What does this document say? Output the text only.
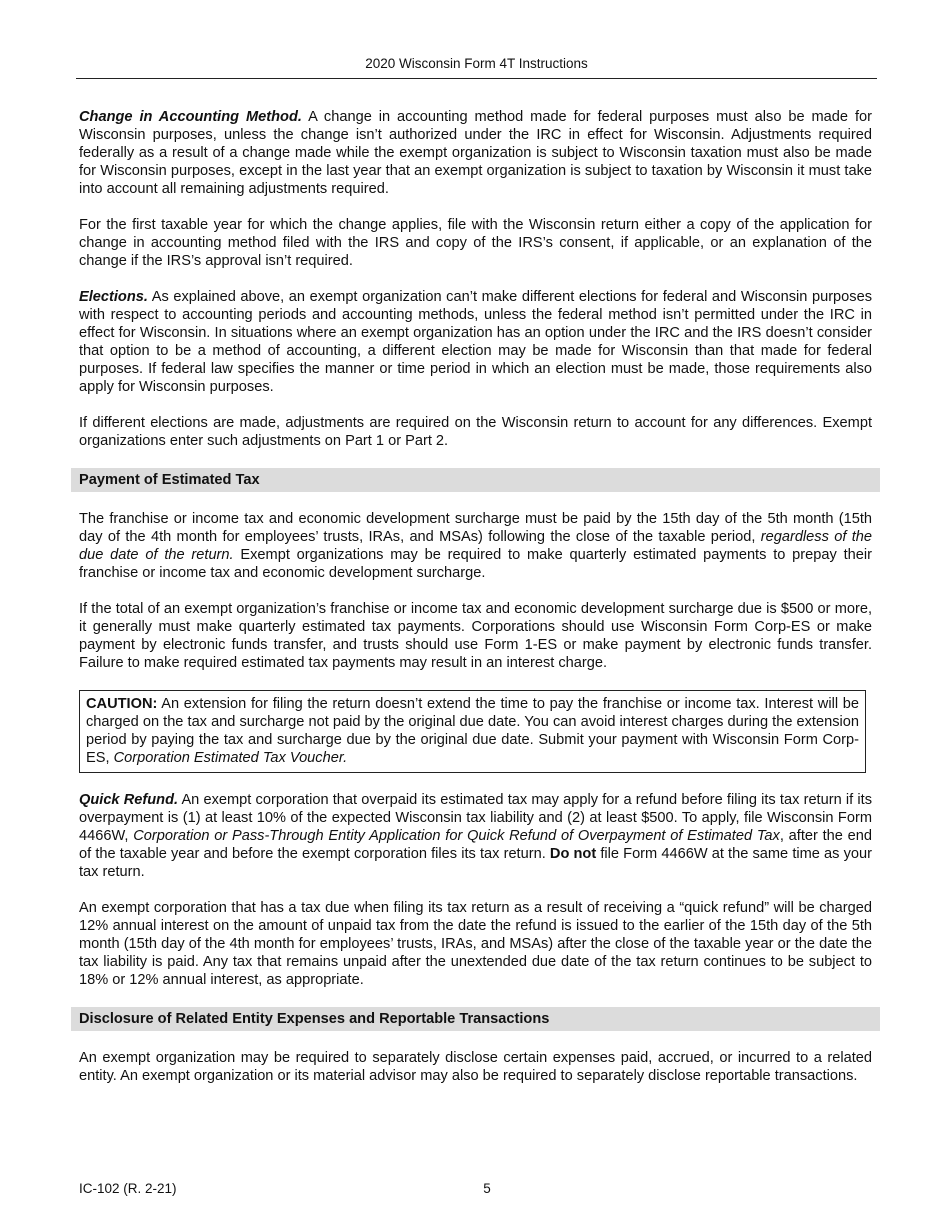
2020 Wisconsin Form 4T Instructions

Change in Accounting Method. A change in accounting method made for federal purposes must also be made for Wisconsin purposes, unless the change isn’t authorized under the IRC in effect for Wisconsin. Adjustments required federally as a result of a change made while the exempt organization is subject to Wisconsin taxation must also be made for Wisconsin purposes, except in the last year that an exempt organization is subject to taxation by Wisconsin it must take into account all remaining adjustments required.

For the first taxable year for which the change applies, file with the Wisconsin return either a copy of the application for change in accounting method filed with the IRS and copy of the IRS’s consent, if applicable, or an explanation of the change if the IRS’s approval isn’t required.

Elections. As explained above, an exempt organization can’t make different elections for federal and Wisconsin purposes with respect to accounting periods and accounting methods, unless the federal method isn’t permitted under the IRC in effect for Wisconsin. In situations where an exempt organization has an option under the IRC and the IRS doesn’t consider that option to be a method of accounting, a different election may be made for Wisconsin than that made for federal purposes. If federal law specifies the manner or time period in which an election must be made, those requirements also apply for Wisconsin purposes.

If different elections are made, adjustments are required on the Wisconsin return to account for any differences. Exempt organizations enter such adjustments on Part 1 or Part 2.

Payment of Estimated Tax

The franchise or income tax and economic development surcharge must be paid by the 15th day of the 5th month (15th day of the 4th month for employees’ trusts, IRAs, and MSAs) following the close of the taxable period, regardless of the due date of the return. Exempt organizations may be required to make quarterly estimated payments to prepay their franchise or income tax and economic development surcharge.

If the total of an exempt organization’s franchise or income tax and economic development surcharge due is $500 or more, it generally must make quarterly estimated tax payments. Corporations should use Wisconsin Form Corp-ES or make payment by electronic funds transfer, and trusts should use Form 1-ES or make payment by electronic funds transfer. Failure to make required estimated tax payments may result in an interest charge.

CAUTION: An extension for filing the return doesn’t extend the time to pay the franchise or income tax. Interest will be charged on the tax and surcharge not paid by the original due date. You can avoid interest charges during the extension period by paying the tax and surcharge due by the original due date. Submit your payment with Wisconsin Form Corp-ES, Corporation Estimated Tax Voucher.

Quick Refund. An exempt corporation that overpaid its estimated tax may apply for a refund before filing its tax return if its overpayment is (1) at least 10% of the expected Wisconsin tax liability and (2) at least $500. To apply, file Wisconsin Form 4466W, Corporation or Pass-Through Entity Application for Quick Refund of Overpayment of Estimated Tax, after the end of the taxable year and before the exempt corporation files its tax return. Do not file Form 4466W at the same time as your tax return.

An exempt corporation that has a tax due when filing its tax return as a result of receiving a “quick refund” will be charged 12% annual interest on the amount of unpaid tax from the date the refund is issued to the earlier of the 15th day of the 5th month (15th day of the 4th month for employees’ trusts, IRAs, and MSAs) after the close of the taxable year or the date the tax liability is paid. Any tax that remains unpaid after the unextended due date of the tax return continues to be subject to 18% or 12% annual interest, as appropriate.

Disclosure of Related Entity Expenses and Reportable Transactions

An exempt organization may be required to separately disclose certain expenses paid, accrued, or incurred to a related entity. An exempt organization or its material advisor may also be required to separately disclose reportable transactions.

IC-102 (R. 2-21)	5
